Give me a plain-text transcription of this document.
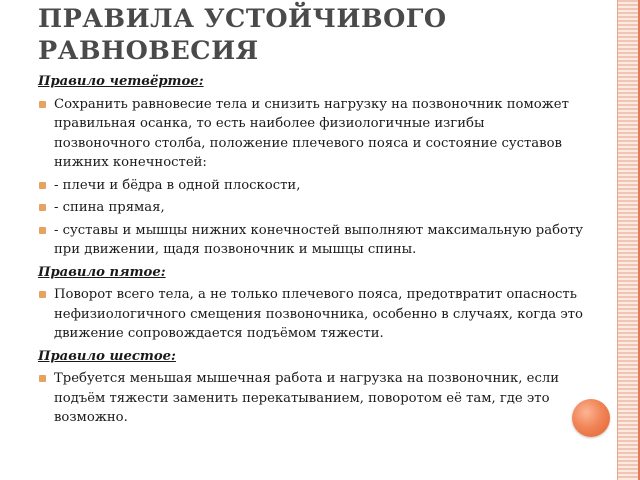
ПРАВИЛА УСТОЙЧИВОГО РАВНОВЕСИЯ
Правило четвёртое:
Сохранить равновесие тела и снизить нагрузку на позвоночник поможет правильная осанка, то есть наиболее физиологичные изгибы позвоночного столба, положение плечевого пояса и состояние суставов нижних конечностей:
- плечи и бёдра в одной плоскости,
- спина прямая,
- суставы и мышцы нижних конечностей выполняют максимальную работу при движении, щадя позвоночник и мышцы спины.
Правило пятое:
Поворот всего тела, а не только плечевого пояса, предотвратит опасность нефизиологичного смещения позвоночника, особенно в случаях, когда это движение сопровождается подъёмом тяжести.
Правило шестое:
Требуется меньшая мышечная работа и нагрузка на позвоночник, если подъём тяжести заменить перекатыванием, поворотом её там, где это возможно.
